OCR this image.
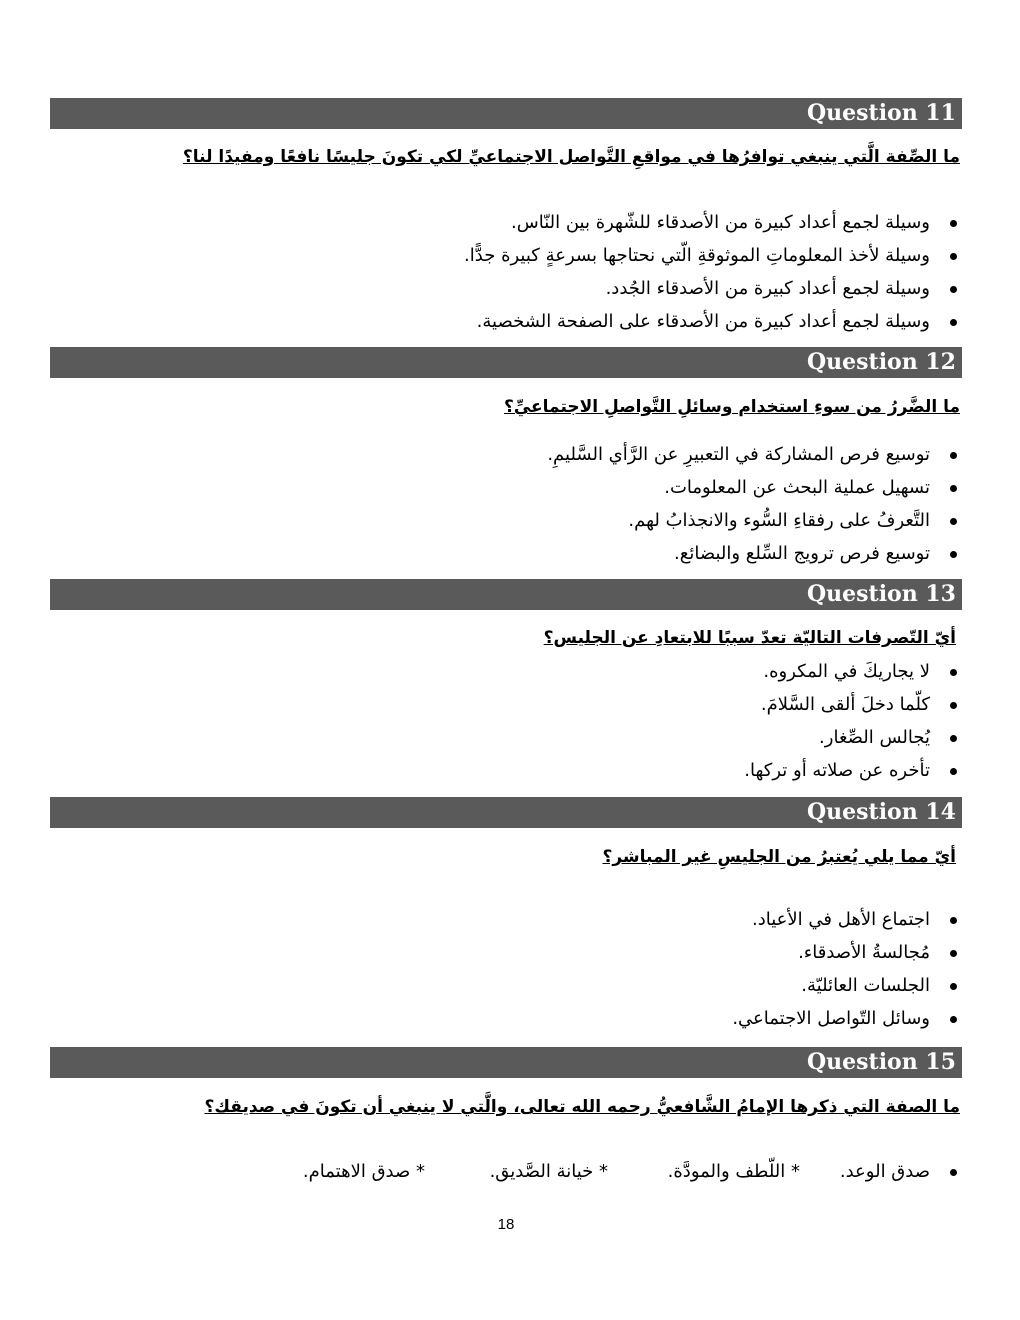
Question 11
ما الصِّفة الَّتي ينبغي توافرُها في مواقعِ التَّواصل الاجتماعيِّ لكي تكونَ جليسًا نافعًا ومفيدًا لنا؟
وسيلة لجمع أعداد كبيرة من الأصدقاء للشّهرة بين النّاس.
وسيلة لأخذ المعلوماتِ الموثوقةِ الّتي نحتاجها بسرعةٍ كبيرة جدًّا.
وسيلة لجمع أعداد كبيرة من الأصدقاء الجُدد.
وسيلة لجمع أعداد كبيرة من الأصدقاء على الصفحة الشخصية.
Question 12
ما الضَّررُ من سوءِ استخدام وسائلِ التَّواصلِ الاجتماعيِّ؟
توسيع فرص المشاركة في التعبيرِ عن الرَّأي السَّليمِ.
تسهيل عملية البحث عن المعلومات.
التَّعرفُ على رفقاءِ السُّوء والانجذابُ لهم.
توسيع فرص ترويج السِّلع والبضائع.
Question 13
أيّ التّصرفات التاليّة تعدّ سببًا للابتعادِ عن الجليس؟
لا يجاريكَ في المكروه.
كلّما دخلَ ألقى السَّلامَ.
يُجالس الصِّغار.
تأخره عن صلاته أو تركها.
Question 14
أيّ مما يلي يُعتبرُ من الجليسِ غير المباشر؟
اجتماع الأهل في الأعياد.
مُجالسةُ الأصدقاء.
الجلسات العائليّة.
وسائل التّواصل الاجتماعي.
Question 15
ما الصفة التي ذكرها الإمامُ الشَّافعيُّ رحمه الله تعالى، والَّتي لا ينبغي أن تكونَ في صديقك؟
صدق الوعد.
* اللّطف والمودَّة.
* خيانة الصَّديق.
* صدق الاهتمام.
18
